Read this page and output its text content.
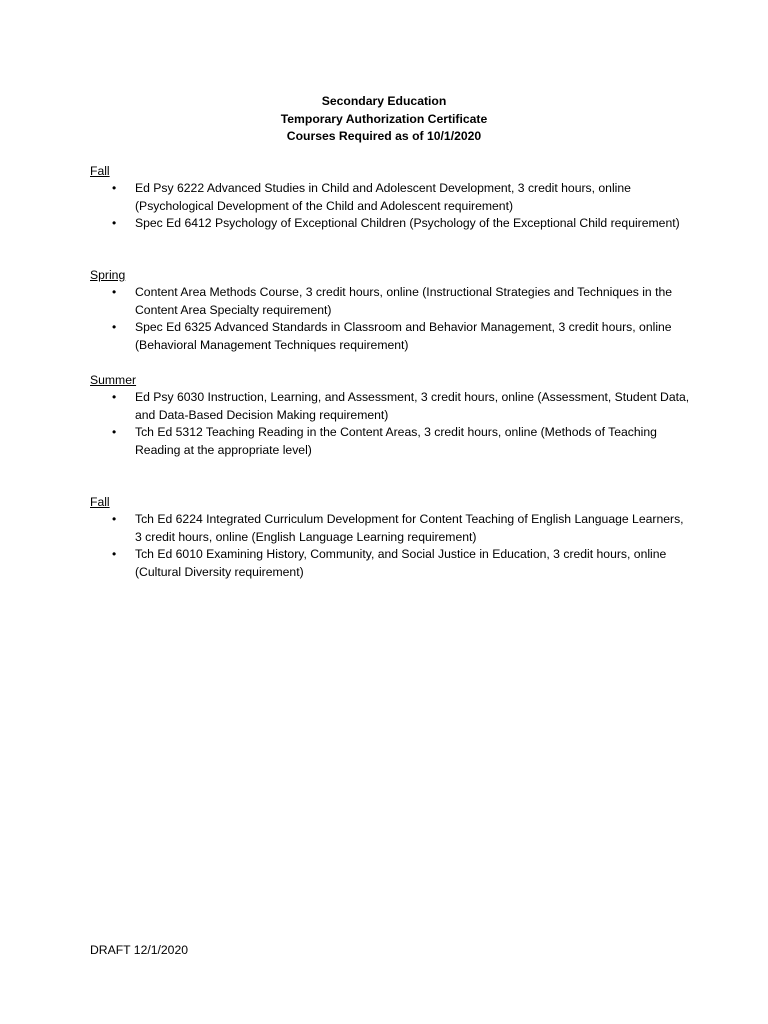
Secondary Education
Temporary Authorization Certificate
Courses Required as of 10/1/2020
Fall
• Ed Psy 6222 Advanced Studies in Child and Adolescent Development, 3 credit hours, online (Psychological Development of the Child and Adolescent requirement)
• Spec Ed 6412 Psychology of Exceptional Children (Psychology of the Exceptional Child requirement)
Spring
• Content Area Methods Course, 3 credit hours, online (Instructional Strategies and Techniques in the Content Area Specialty requirement)
• Spec Ed 6325 Advanced Standards in Classroom and Behavior Management, 3 credit hours, online (Behavioral Management Techniques requirement)
Summer
• Ed Psy 6030 Instruction, Learning, and Assessment, 3 credit hours, online (Assessment, Student Data, and Data-Based Decision Making requirement)
• Tch Ed 5312 Teaching Reading in the Content Areas, 3 credit hours, online (Methods of Teaching Reading at the appropriate level)
Fall
• Tch Ed 6224 Integrated Curriculum Development for Content Teaching of English Language Learners, 3 credit hours, online (English Language Learning requirement)
• Tch Ed 6010 Examining History, Community, and Social Justice in Education, 3 credit hours, online (Cultural Diversity requirement)
DRAFT 12/1/2020
